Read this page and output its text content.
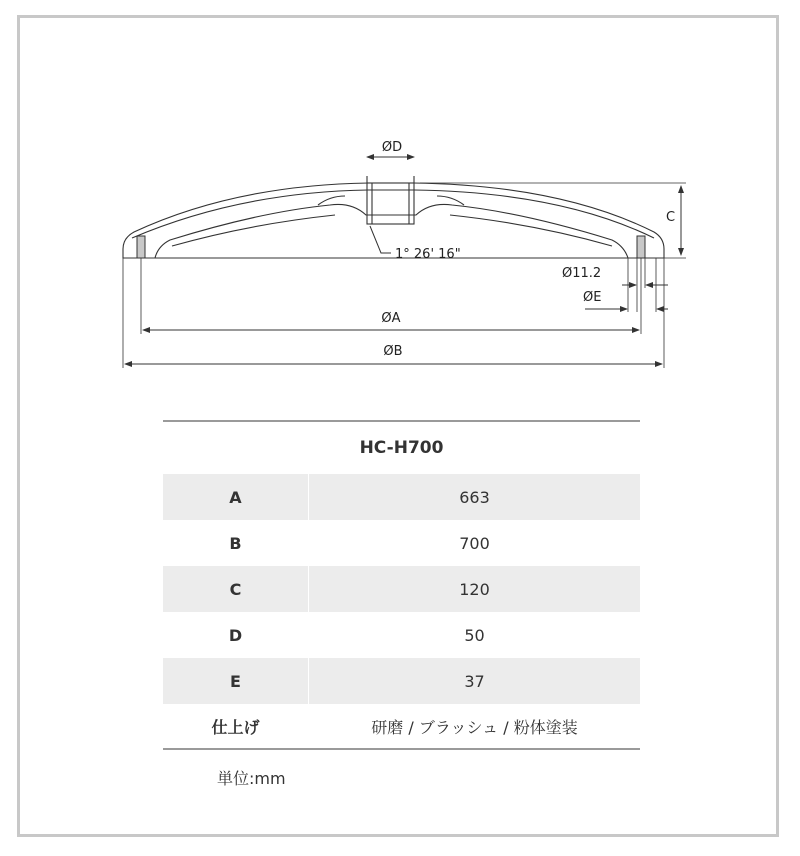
ØD
1° 26' 16"
C
Ø11.2
ØE
ØA
ØB
HC-H700	
A	663
B	700
C	120
D	50
E	37
仕上げ	研磨 / ブラッシュ / 粉体塗装
単位:mm
